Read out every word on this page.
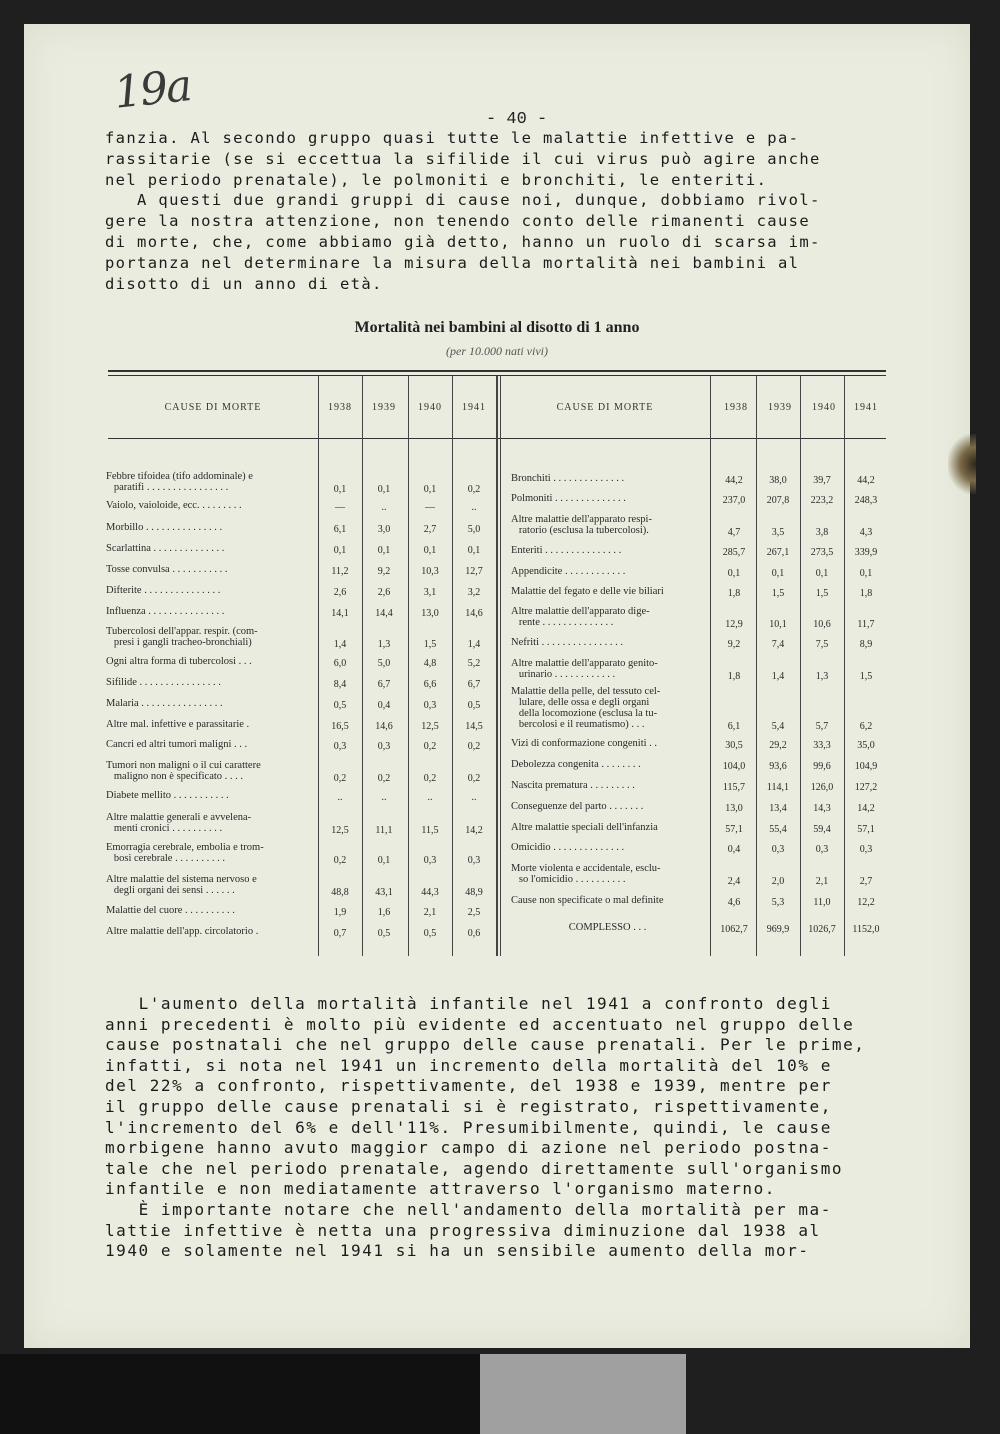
19a
- 40 -

fanzia. Al secondo gruppo quasi tutte le malattie infettive e pa-
rassitarie (se si eccettua la sifilide il cui virus può agire anche
nel periodo prenatale), le polmoniti e bronchiti, le enteriti.
A questi due grandi gruppi di cause noi, dunque, dobbiamo rivol-
gere la nostra attenzione, non tenendo conto delle rimanenti cause
di morte, che, come abbiamo già detto, hanno un ruolo di scarsa im-
portanza nel determinare la misura della mortalità nei bambini al
disotto di un anno di età.

Mortalità nei bambini al disotto di 1 anno
(per 10.000 nati vivi)
CAUSE DI MORTE	1938	1939	1940	1941	CAUSE DI MORTE	1938	1939	1940	1941
Febbre tifoidea (tifo addominale) e
paratifi . . . . . . . . . . . . . . . .	0,1	0,1	0,1	0,2
Vaiolo, vaioloide, ecc. . . . . . . . .	—	..	—	..
Morbillo . . . . . . . . . . . . . . .	6,1	3,0	2,7	5,0
Scarlattina . . . . . . . . . . . . . .	0,1	0,1	0,1	0,1
Tosse convulsa . . . . . . . . . . .	11,2	9,2	10,3	12,7
Difterite . . . . . . . . . . . . . . .	2,6	2,6	3,1	3,2
Influenza . . . . . . . . . . . . . . .	14,1	14,4	13,0	14,6
Tubercolosi dell'appar. respir. (com-
presi i gangli tracheo-bronchiali)	1,4	1,3	1,5	1,4
Ogni altra forma di tubercolosi . . .	6,0	5,0	4,8	5,2
Sifilide . . . . . . . . . . . . . . . .	8,4	6,7	6,6	6,7
Malaria . . . . . . . . . . . . . . . .	0,5	0,4	0,3	0,5
Altre mal. infettive e parassitarie .	16,5	14,6	12,5	14,5
Cancri ed altri tumori maligni . . .	0,3	0,3	0,2	0,2
Tumori non maligni o il cui carattere
maligno non è specificato . . . .	0,2	0,2	0,2	0,2
Diabete mellito . . . . . . . . . . .	..	..	..	..
Altre malattie generali e avvelena-
menti cronici . . . . . . . . . .	12,5	11,1	11,5	14,2
Emorragia cerebrale, embolia e trom-
bosi cerebrale . . . . . . . . . .	0,2	0,1	0,3	0,3
Altre malattie del sistema nervoso e
degli organi dei sensi . . . . . .	48,8	43,1	44,3	48,9
Malattie del cuore . . . . . . . . . .	1,9	1,6	2,1	2,5
Altre malattie dell'app. circolatorio .	0,7	0,5	0,5	0,6
Bronchiti . . . . . . . . . . . . . .	44,2	38,0	39,7	44,2
Polmoniti . . . . . . . . . . . . . .	237,0	207,8	223,2	248,3
Altre malattie dell'apparato respi-
ratorio (esclusa la tubercolosi).	4,7	3,5	3,8	4,3
Enteriti . . . . . . . . . . . . . . .	285,7	267,1	273,5	339,9
Appendicite . . . . . . . . . . . .	0,1	0,1	0,1	0,1
Malattie del fegato e delle vie biliari	1,8	1,5	1,5	1,8
Altre malattie dell'apparato dige-
rente . . . . . . . . . . . . . .	12,9	10,1	10,6	11,7
Nefriti . . . . . . . . . . . . . . . .	9,2	7,4	7,5	8,9
Altre malattie dell'apparato genito-
urinario . . . . . . . . . . . .	1,8	1,4	1,3	1,5
Malattie della pelle, del tessuto cel-
lulare, delle ossa e degli organi
della locomozione (esclusa la tu-
bercolosi e il reumatismo) . . .	6,1	5,4	5,7	6,2
Vizi di conformazione congeniti . .	30,5	29,2	33,3	35,0
Debolezza congenita . . . . . . . .	104,0	93,6	99,6	104,9
Nascita prematura . . . . . . . . .	115,7	114,1	126,0	127,2
Conseguenze del parto . . . . . . .	13,0	13,4	14,3	14,2
Altre malattie speciali dell'infanzia	57,1	55,4	59,4	57,1
Omicidio . . . . . . . . . . . . . .	0,4	0,3	0,3	0,3
Morte violenta e accidentale, esclu-
so l'omicidio . . . . . . . . . .	2,4	2,0	2,1	2,7
Cause non specificate o mal definite	4,6	5,3	11,0	12,2
COMPLESSO . . .	1062,7	969,9	1026,7	1152,0

L'aumento della mortalità infantile nel 1941 a confronto degli
anni precedenti è molto più evidente ed accentuato nel gruppo delle
cause postnatali che nel gruppo delle cause prenatali. Per le prime,
infatti, si nota nel 1941 un incremento della mortalità del 10% e
del 22% a confronto, rispettivamente, del 1938 e 1939, mentre per
il gruppo delle cause prenatali si è registrato, rispettivamente,
l'incremento del 6% e dell'11%. Presumibilmente, quindi, le cause
morbigene hanno avuto maggior campo di azione nel periodo postna-
tale che nel periodo prenatale, agendo direttamente sull'organismo
infantile e non mediatamente attraverso l'organismo materno.
È importante notare che nell'andamento della mortalità per ma-
lattie infettive è netta una progressiva diminuzione dal 1938 al
1940 e solamente nel 1941 si ha un sensibile aumento della mor-
